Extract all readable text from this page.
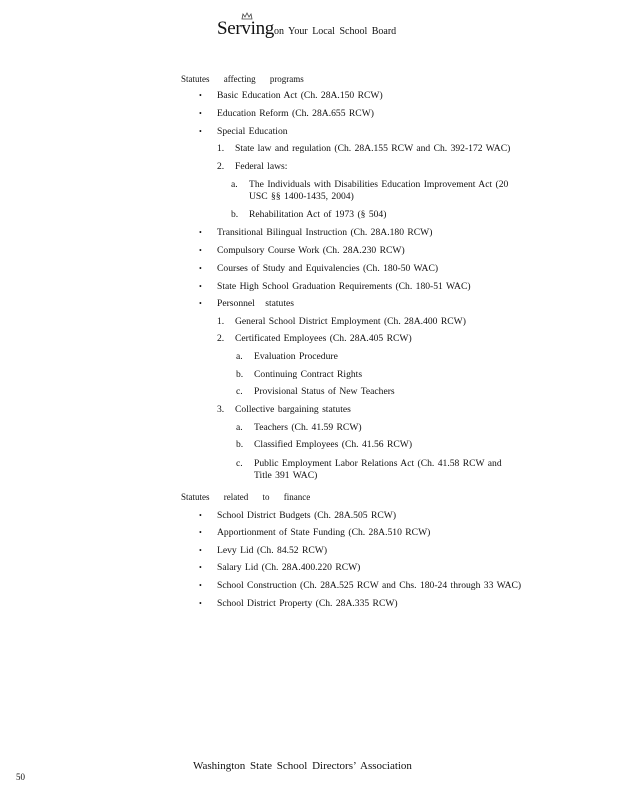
Servingon Your Local School Board
Statutes affecting programs
• Basic Education Act (Ch. 28A.150 RCW)
• Education Reform (Ch. 28A.655 RCW)
• Special Education
1. State law and regulation (Ch. 28A.155 RCW and Ch. 392-172 WAC)
2. Federal laws:
a. The Individuals with Disabilities Education Improvement Act (20
USC §§ 1400-1435, 2004)
b. Rehabilitation Act of 1973 (§ 504)
• Transitional Bilingual Instruction (Ch. 28A.180 RCW)
• Compulsory Course Work (Ch. 28A.230 RCW)
• Courses of Study and Equivalencies (Ch. 180-50 WAC)
• State High School Graduation Requirements (Ch. 180-51 WAC)
• Personnel statutes
1. General School District Employment (Ch. 28A.400 RCW)
2. Certificated Employees (Ch. 28A.405 RCW)
a. Evaluation Procedure
b. Continuing Contract Rights
c. Provisional Status of New Teachers
3. Collective bargaining statutes
a. Teachers (Ch. 41.59 RCW)
b. Classified Employees (Ch. 41.56 RCW)
c. Public Employment Labor Relations Act (Ch. 41.58 RCW and
Title 391 WAC)
Statutes related to finance
• School District Budgets (Ch. 28A.505 RCW)
• Apportionment of State Funding (Ch. 28A.510 RCW)
• Levy Lid (Ch. 84.52 RCW)
• Salary Lid (Ch. 28A.400.220 RCW)
• School Construction (Ch. 28A.525 RCW and Chs. 180-24 through 33 WAC)
• School District Property (Ch. 28A.335 RCW)
Washington State School Directors’ Association
50
